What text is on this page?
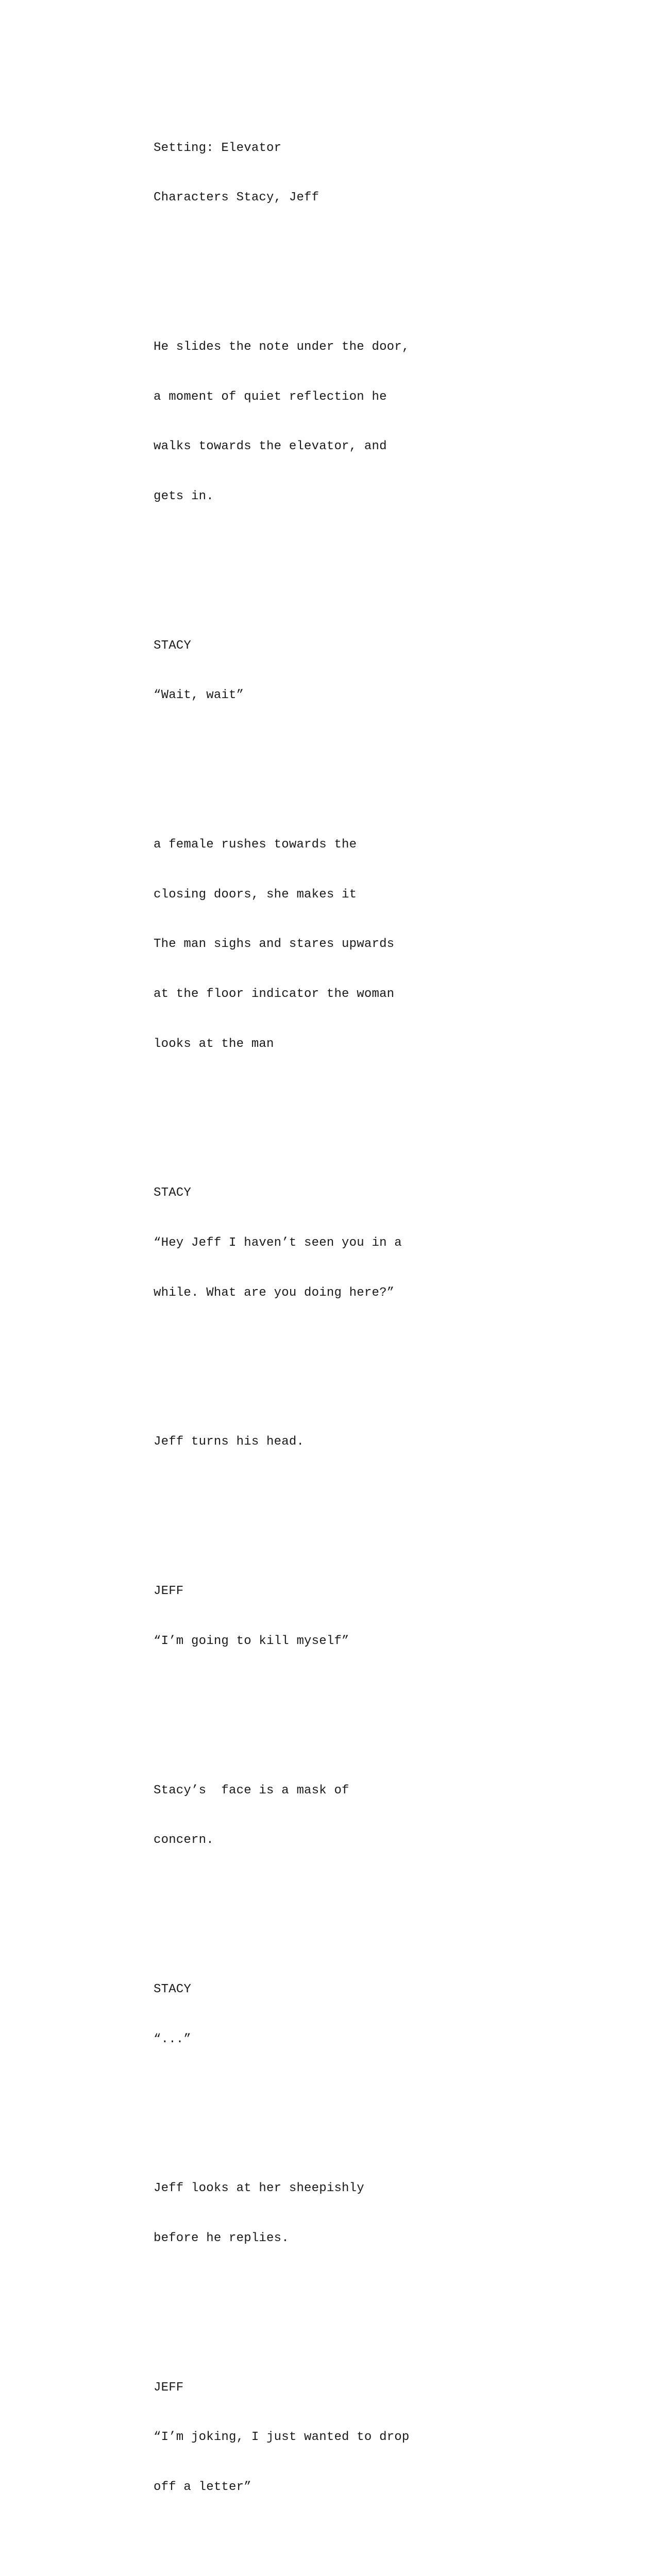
Setting: Elevator

Characters Stacy, Jeff

He slides the note under the door,

a moment of quiet reflection he

walks towards the elevator, and

gets in.

STACY

“Wait, wait”

a female rushes towards the

closing doors, she makes it

The man sighs and stares upwards

at the floor indicator the woman

looks at the man

STACY

“Hey Jeff I haven’t seen you in a

while. What are you doing here?”

Jeff turns his head.

JEFF

“I’m going to kill myself”

Stacy’s  face is a mask of

concern.

STACY

“...”

Jeff looks at her sheepishly

before he replies.

JEFF

“I’m joking, I just wanted to drop

off a letter”
